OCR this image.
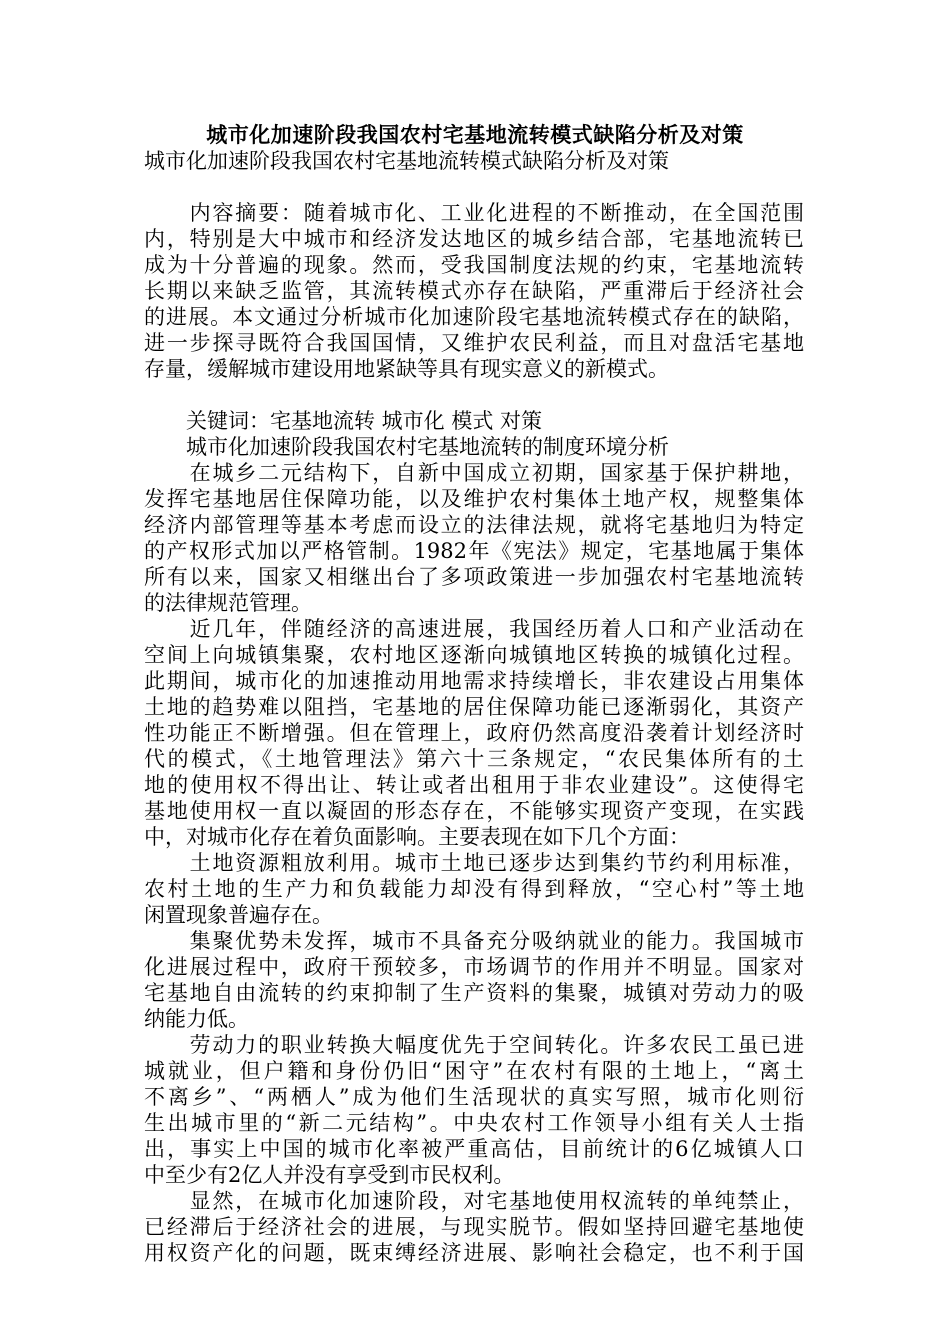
城市化加速阶段我国农村宅基地流转模式缺陷分析及对策
城市化加速阶段我国农村宅基地流转模式缺陷分析及对策
　　内容摘要：随着城市化、工业化进程的不断推动，在全国范围
内，特别是大中城市和经济发达地区的城乡结合部，宅基地流转已
成为十分普遍的现象。然而，受我国制度法规的约束，宅基地流转
长期以来缺乏监管，其流转模式亦存在缺陷，严重滞后于经济社会
的进展。本文通过分析城市化加速阶段宅基地流转模式存在的缺陷，
进一步探寻既符合我国国情，又维护农民利益，而且对盘活宅基地
存量，缓解城市建设用地紧缺等具有现实意义的新模式。
　　关键词：宅基地流转 城市化 模式 对策
　　城市化加速阶段我国农村宅基地流转的制度环境分析
　　在城乡二元结构下，自新中国成立初期，国家基于保护耕地，
发挥宅基地居住保障功能，以及维护农村集体土地产权，规整集体
经济内部管理等基本考虑而设立的法律法规，就将宅基地归为特定
的产权形式加以严格管制。1982年《宪法》规定，宅基地属于集体
所有以来，国家又相继出台了多项政策进一步加强农村宅基地流转
的法律规范管理。
　　近几年，伴随经济的高速进展，我国经历着人口和产业活动在
空间上向城镇集聚，农村地区逐渐向城镇地区转换的城镇化过程。
此期间，城市化的加速推动用地需求持续增长，非农建设占用集体
土地的趋势难以阻挡，宅基地的居住保障功能已逐渐弱化，其资产
性功能正不断增强。但在管理上，政府仍然高度沿袭着计划经济时
代的模式，《土地管理法》第六十三条规定，“农民集体所有的土
地的使用权不得出让、转让或者出租用于非农业建设”。这使得宅
基地使用权一直以凝固的形态存在，不能够实现资产变现，在实践
中，对城市化存在着负面影响。主要表现在如下几个方面：
　　土地资源粗放利用。城市土地已逐步达到集约节约利用标准，
农村土地的生产力和负载能力却没有得到释放，“空心村”等土地
闲置现象普遍存在。
　　集聚优势未发挥，城市不具备充分吸纳就业的能力。我国城市
化进展过程中，政府干预较多，市场调节的作用并不明显。国家对
宅基地自由流转的约束抑制了生产资料的集聚，城镇对劳动力的吸
纳能力低。
　　劳动力的职业转换大幅度优先于空间转化。许多农民工虽已进
城就业，但户籍和身份仍旧“困守”在农村有限的土地上，“离土
不离乡”、“两栖人”成为他们生活现状的真实写照，城市化则衍
生出城市里的“新二元结构”。中央农村工作领导小组有关人士指
出，事实上中国的城市化率被严重高估，目前统计的6亿城镇人口
中至少有2亿人并没有享受到市民权利。
　　显然，在城市化加速阶段，对宅基地使用权流转的单纯禁止，
已经滞后于经济社会的进展，与现实脱节。假如坚持回避宅基地使
用权资产化的问题，既束缚经济进展、影响社会稳定，也不利于国
